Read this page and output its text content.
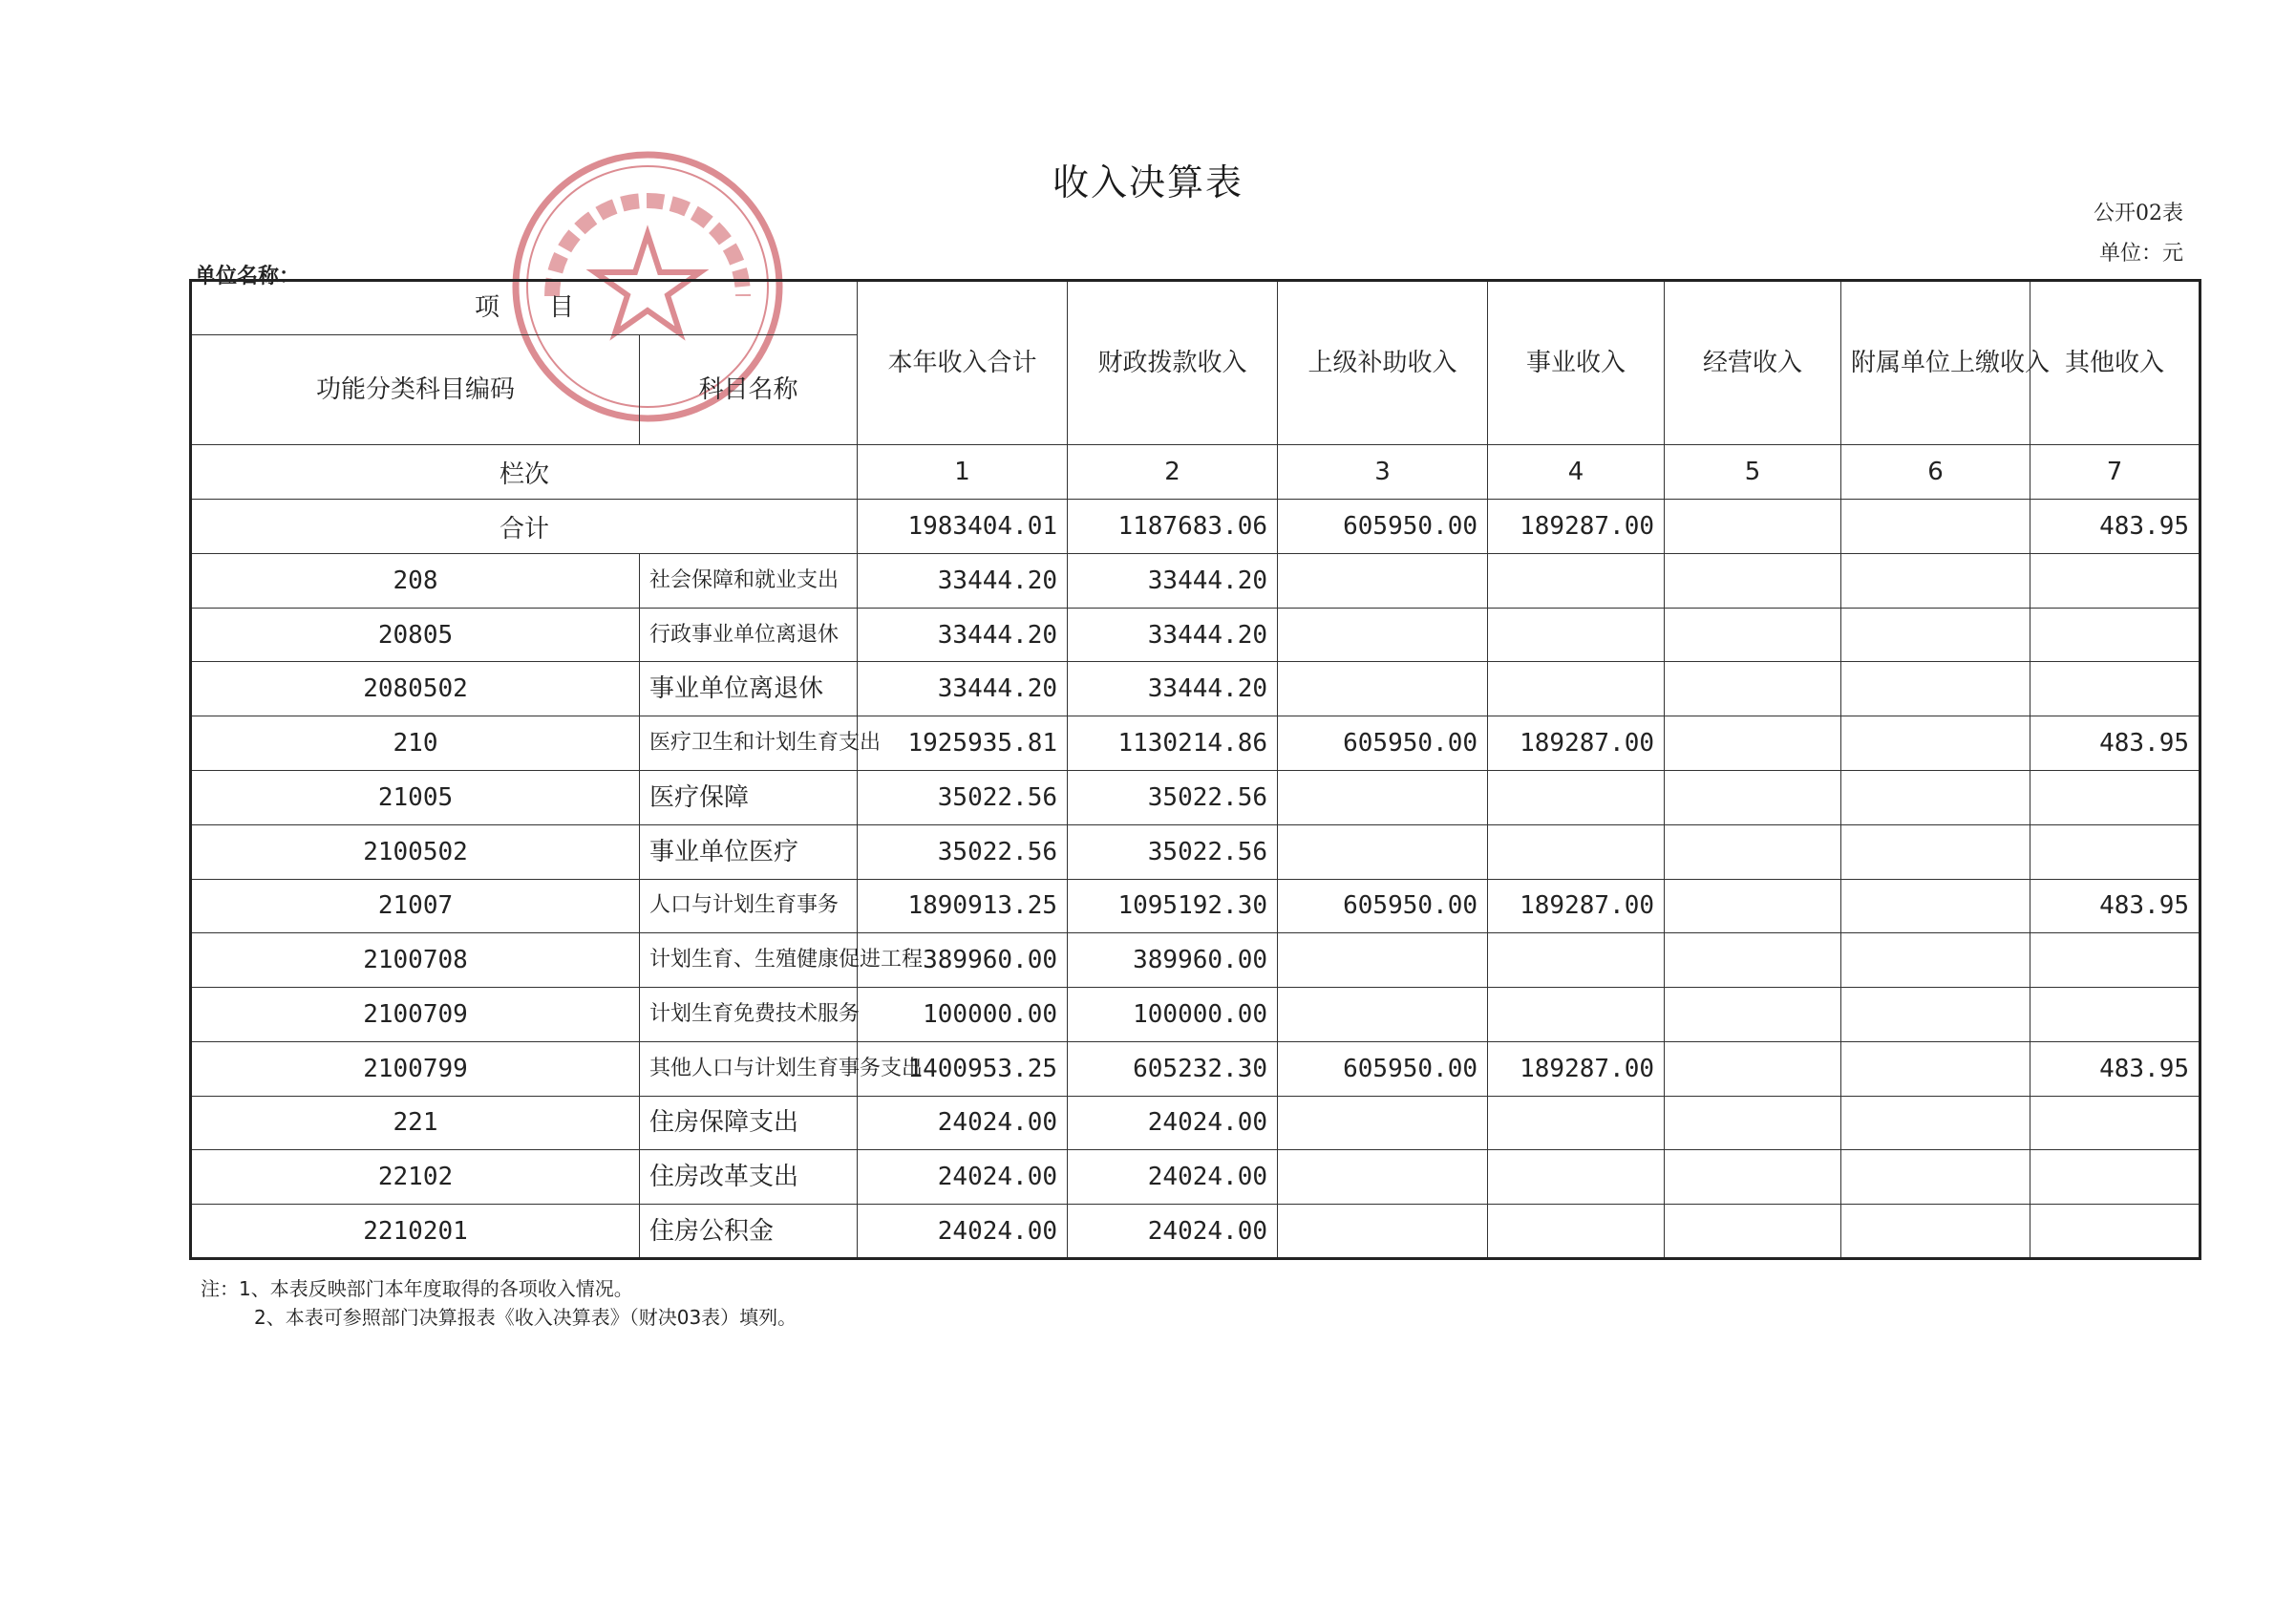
收入决算表
公开02表
单位：元
单位名称：
项　　目		本年收入合计	财政拨款收入	上级补助收入	事业收入	经营收入	附属单位上缴收入	其他收入
功能分类科目编码	科目名称							
栏次		1	2	3	4	5	6	7
合计		1983404.01	1187683.06	605950.00	189287.00			483.95
208	社会保障和就业支出	33444.20	33444.20					
20805	行政事业单位离退休	33444.20	33444.20					
2080502	事业单位离退休	33444.20	33444.20					
210	医疗卫生和计划生育支出	1925935.81	1130214.86	605950.00	189287.00			483.95
21005	医疗保障	35022.56	35022.56					
2100502	事业单位医疗	35022.56	35022.56					
21007	人口与计划生育事务	1890913.25	1095192.30	605950.00	189287.00			483.95
2100708	计划生育、生殖健康促进工程	389960.00	389960.00					
2100709	计划生育免费技术服务	100000.00	100000.00					
2100799	其他人口与计划生育事务支出	1400953.25	605232.30	605950.00	189287.00			483.95
221	住房保障支出	24024.00	24024.00					
22102	住房改革支出	24024.00	24024.00					
2210201	住房公积金	24024.00	24024.00					
注：1、本表反映部门本年度取得的各项收入情况。
2、本表可参照部门决算报表《收入决算表》（财决03表）填列。
